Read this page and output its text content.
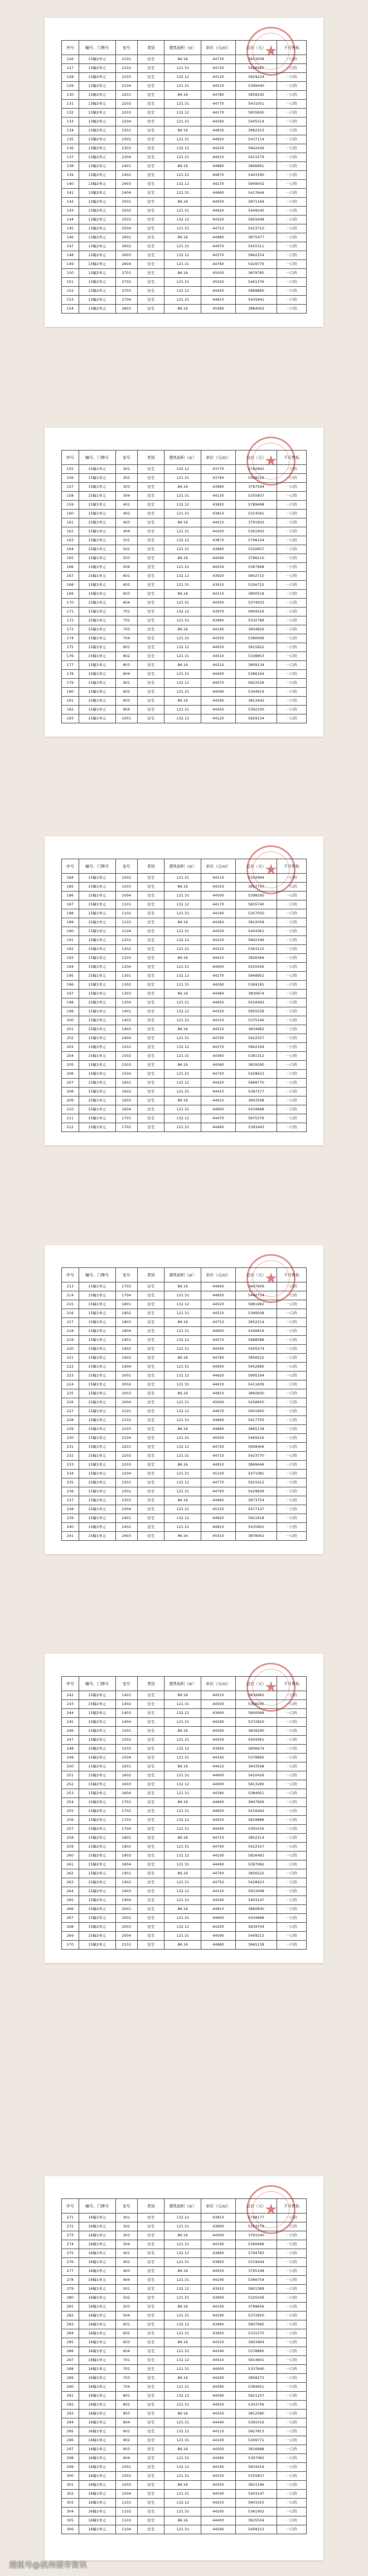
★
序号	幢号、门牌号	室号	类别	建筑面积（㎡）	单价（元/㎡）	总价（元）	不可售标
126	13幢2单元	2101	住宅	86.16	44730	3853938	一口价
127	13幢2单元	2102	住宅	121.31	44720	5426985	一口价
128	13幢2单元	2103	住宅	132.12	44120	5829224	一口价
129	13幢2单元	2104	住宅	121.31	44510	5399440	一口价
130	13幢2单元	2201	住宅	86.16	44780	3858245	一口价
131	13幢2单元	2202	住宅	121.31	44770	5431051	一口价
132	13幢2单元	2203	住宅	132.12	44170	5835830	一口价
133	13幢2单元	2204	住宅	121.31	44560	5405514	一口价
134	13幢2单元	2301	住宅	86.16	44830	3862553	一口价
135	13幢2单元	2302	住宅	121.31	44820	5437114	一口价
136	13幢2单元	2303	住宅	132.12	44220	5842436	一口价
137	13幢2单元	2304	住宅	121.31	44610	5411579	一口价
138	13幢2单元	2401	住宅	86.16	44880	3866861	一口价
139	13幢2单元	2402	住宅	121.31	44870	5443180	一口价
140	13幢2单元	2403	住宅	132.12	44270	5849042	一口价
141	13幢2单元	2404	住宅	121.31	44660	5417644	一口价
142	13幢2单元	2501	住宅	86.16	44930	3871169	一口价
143	13幢2单元	2502	住宅	121.31	44920	5449245	一口价
144	13幢2单元	2503	住宅	132.12	44320	5855648	一口价
145	13幢2单元	2504	住宅	121.31	44710	5423710	一口价
146	13幢2单元	2601	住宅	86.16	44980	3875477	一口价
147	13幢2单元	2602	住宅	121.31	44970	5455311	一口价
148	13幢2单元	2603	住宅	132.12	44370	5862254	一口价
149	13幢2单元	2604	住宅	121.31	44760	5429776	一口价
150	13幢2单元	2701	住宅	86.16	45030	3879785	一口价
151	13幢2单元	2702	住宅	121.31	45020	5461376	一口价
152	13幢2单元	2703	住宅	132.12	44420	5868860	一口价
153	13幢2单元	2704	住宅	121.31	44810	5435841	一口价
154	13幢2单元	2801	住宅	86.16	45080	3884093	一口价
★
序号	幢号、门牌号	室号	类别	建筑面积（㎡）	单价（元/㎡）	总价（元）	不可售标
155	15幢1单元	301	住宅	132.12	43770	5782892	一口价
156	15幢1单元	302	住宅	121.31	43760	5308526	一口价
157	15幢1单元	303	住宅	86.16	43960	3787594	一口价
158	15幢1单元	304	住宅	121.31	44150	5355837	一口价
159	15幢1单元	401	住宅	132.12	43820	5789498	一口价
160	15幢1单元	402	住宅	121.31	43810	5314591	一口价
161	15幢1单元	403	住宅	86.16	44010	3791902	一口价
162	15幢1单元	404	住宅	121.31	44200	5361902	一口价
163	15幢1单元	501	住宅	132.12	43870	5796104	一口价
164	15幢1单元	502	住宅	121.31	43860	5320657	一口价
165	15幢1单元	503	住宅	86.16	44060	3796210	一口价
166	15幢1单元	504	住宅	121.31	44250	5367968	一口价
167	15幢1单元	601	住宅	132.12	43920	5802710	一口价
168	15幢1单元	602	住宅	121.31	43910	5326722	一口价
169	15幢1单元	603	住宅	86.16	44110	3800518	一口价
170	15幢1单元	604	住宅	121.31	44300	5374033	一口价
171	15幢1单元	701	住宅	132.12	43970	5809316	一口价
172	15幢1单元	702	住宅	121.31	43960	5332788	一口价
173	15幢1单元	703	住宅	86.16	44160	3804826	一口价
174	15幢1单元	704	住宅	121.31	44350	5380099	一口价
175	15幢1单元	801	住宅	132.12	44020	5815922	一口价
176	15幢1单元	802	住宅	121.31	44010	5338853	一口价
177	15幢1单元	803	住宅	86.16	44210	3809134	一口价
178	15幢1单元	804	住宅	121.31	44400	5386164	一口价
179	15幢1单元	901	住宅	132.12	44070	5822528	一口价
180	15幢1单元	902	住宅	121.31	44060	5344919	一口价
181	15幢1单元	903	住宅	86.16	44260	3813442	一口价
182	15幢1单元	904	住宅	121.31	44450	5392230	一口价
183	15幢1单元	1001	住宅	132.12	44120	5829134	一口价
★
序号	幢号、门牌号	室号	类别	建筑面积（㎡）	单价（元/㎡）	总价（元）	不可售标
184	15幢1单元	1002	住宅	121.31	44110	5350984	一口价
185	15幢1单元	1003	住宅	86.16	44310	3817750	一口价
186	15幢1单元	1004	住宅	121.31	44500	5398295	一口价
187	15幢1单元	1101	住宅	132.12	44170	5835740	一口价
188	15幢1单元	1102	住宅	121.31	44160	5357050	一口价
189	15幢1单元	1103	住宅	86.16	44360	3822058	一口价
190	15幢1单元	1104	住宅	121.31	44550	5404361	一口价
191	15幢1单元	1201	住宅	132.12	44220	5842346	一口价
192	15幢1单元	1202	住宅	121.31	44210	5363115	一口价
193	15幢1单元	1203	住宅	86.16	44410	3826366	一口价
194	15幢1单元	1204	住宅	121.31	44600	5410426	一口价
195	15幢1单元	1301	住宅	132.12	44270	5848952	一口价
196	15幢1单元	1302	住宅	121.31	44260	5369181	一口价
197	15幢1单元	1303	住宅	86.16	44460	3830674	一口价
198	15幢1单元	1304	住宅	121.31	44650	5416492	一口价
199	15幢1单元	1401	住宅	132.12	44320	5855558	一口价
200	15幢1单元	1402	住宅	121.31	44310	5375246	一口价
201	15幢1单元	1403	住宅	86.16	44510	3834982	一口价
202	15幢1单元	1404	住宅	121.31	44700	5422557	一口价
203	15幢1单元	1501	住宅	132.12	44370	5862164	一口价
204	15幢1单元	1502	住宅	121.31	44360	5381312	一口价
205	15幢1单元	1503	住宅	86.16	44560	3839290	一口价
206	15幢1单元	1504	住宅	121.31	44750	5428623	一口价
207	15幢1单元	1601	住宅	132.12	44420	5868770	一口价
208	15幢1单元	1602	住宅	121.31	44410	5387377	一口价
209	15幢1单元	1603	住宅	86.16	44610	3843598	一口价
210	15幢1单元	1604	住宅	121.31	44800	5434688	一口价
211	15幢1单元	1701	住宅	132.12	44470	5875376	一口价
212	15幢1单元	1702	住宅	121.31	44460	5393443	一口价
★
序号	幢号、门牌号	室号	类别	建筑面积（㎡）	单价（元/㎡）	总价（元）	不可售标
213	15幢1单元	1703	住宅	86.16	44660	3847906	一口价
214	15幢1单元	1704	住宅	121.31	44850	5440754	一口价
215	15幢1单元	1801	住宅	132.12	44520	5881982	一口价
216	15幢1单元	1802	住宅	121.31	44510	5399508	一口价
217	15幢1单元	1803	住宅	86.16	44710	3852214	一口价
218	15幢1单元	1804	住宅	121.31	44900	5446819	一口价
219	15幢1单元	1901	住宅	132.12	44570	5888588	一口价
220	15幢1单元	1902	住宅	121.31	44560	5405574	一口价
221	15幢1单元	1903	住宅	86.16	44760	3856522	一口价
222	15幢1单元	1904	住宅	121.31	44950	5452885	一口价
223	15幢1单元	2001	住宅	132.12	44620	5895194	一口价
224	15幢1单元	2002	住宅	121.31	44610	5411639	一口价
225	15幢1单元	2003	住宅	86.16	44810	3860830	一口价
226	15幢1单元	2004	住宅	121.31	45000	5458950	一口价
227	15幢1单元	2101	住宅	132.12	44670	5901800	一口价
228	15幢1单元	2102	住宅	121.31	44660	5417705	一口价
229	15幢1单元	2103	住宅	86.16	44860	3865138	一口价
230	15幢1单元	2104	住宅	121.31	45050	5465016	一口价
231	15幢1单元	2201	住宅	132.12	44720	5908406	一口价
232	15幢1单元	2202	住宅	121.31	44710	5423770	一口价
233	15幢1单元	2203	住宅	86.16	44910	3869446	一口价
234	15幢1单元	2204	住宅	121.31	45100	5471081	一口价
235	15幢1单元	2301	住宅	132.12	44770	5915012	一口价
236	15幢1单元	2302	住宅	121.31	44760	5429836	一口价
237	15幢1单元	2303	住宅	86.16	44960	3873754	一口价
238	15幢1单元	2304	住宅	121.31	45150	5477147	一口价
239	15幢1单元	2401	住宅	132.12	44820	5921618	一口价
240	15幢1单元	2402	住宅	121.31	44810	5435901	一口价
241	15幢1单元	2403	住宅	86.16	45010	3878062	一口价
★
序号	幢号、门牌号	室号	类别	建筑面积（㎡）	单价（元/㎡）	总价（元）	不可售标
242	15幢2单元	1401	住宅	86.16	44510	3834982	一口价
243	15幢2单元	1402	住宅	121.31	44500	5398295	一口价
244	15幢2单元	1403	住宅	132.12	43900	5800068	一口价
245	15幢2单元	1404	住宅	121.31	44290	5372820	一口价
246	15幢2单元	1501	住宅	86.16	44560	3839290	一口价
247	15幢2单元	1502	住宅	121.31	44550	5404361	一口价
248	15幢2单元	1503	住宅	132.12	43950	5806674	一口价
249	15幢2单元	1504	住宅	121.31	44340	5378885	一口价
250	15幢2单元	1601	住宅	86.16	44610	3843598	一口价
251	15幢2单元	1602	住宅	121.31	44600	5410426	一口价
252	15幢2单元	1603	住宅	132.12	44000	5813280	一口价
253	15幢2单元	1604	住宅	121.31	44390	5384951	一口价
254	15幢2单元	1701	住宅	86.16	44660	3847906	一口价
255	15幢2单元	1702	住宅	121.31	44650	5416492	一口价
256	15幢2单元	1703	住宅	132.12	44050	5819886	一口价
257	15幢2单元	1704	住宅	121.31	44440	5391016	一口价
258	15幢2单元	1801	住宅	86.16	44710	3852214	一口价
259	15幢2单元	1802	住宅	121.31	44700	5422557	一口价
260	15幢2单元	1803	住宅	132.12	44100	5826492	一口价
261	15幢2单元	1804	住宅	121.31	44490	5397082	一口价
262	15幢2单元	1901	住宅	86.16	44760	3856522	一口价
263	15幢2单元	1902	住宅	121.31	44750	5428623	一口价
264	15幢2单元	1903	住宅	132.12	44150	5833098	一口价
265	15幢2单元	1904	住宅	121.31	44540	5403147	一口价
266	15幢2单元	2001	住宅	86.16	44810	3860830	一口价
267	15幢2单元	2002	住宅	121.31	44800	5434688	一口价
268	15幢2单元	2003	住宅	132.12	44200	5839704	一口价
269	15幢2单元	2004	住宅	121.31	44590	5409213	一口价
270	15幢2单元	2101	住宅	86.16	44860	3865138	一口价
★
序号	幢号、门牌号	室号	类别	建筑面积（㎡）	单价（元/㎡）	总价（元）	不可售标
271	16幢1单元	301	住宅	132.12	43810	5788177	一口价
272	16幢1单元	302	住宅	121.31	43800	5313378	一口价
273	16幢1单元	303	住宅	86.16	44000	3791040	一口价
274	16幢1单元	304	住宅	121.31	44190	5360689	一口价
275	16幢1单元	401	住宅	132.12	43860	5794783	一口价
276	16幢1单元	402	住宅	121.31	43850	5319444	一口价
277	16幢1单元	403	住宅	86.16	44050	3795348	一口价
278	16幢1单元	404	住宅	121.31	44240	5366754	一口价
279	16幢1单元	501	住宅	132.12	43910	5801389	一口价
280	16幢1单元	502	住宅	121.31	43900	5325509	一口价
281	16幢1单元	503	住宅	86.16	44100	3799656	一口价
282	16幢1单元	504	住宅	121.31	44290	5372820	一口价
283	16幢1单元	601	住宅	132.12	43960	5807995	一口价
284	16幢1单元	602	住宅	121.31	43950	5331575	一口价
285	16幢1单元	603	住宅	86.16	44150	3803964	一口价
286	16幢1单元	604	住宅	121.31	44340	5378885	一口价
287	16幢1单元	701	住宅	132.12	44010	5814601	一口价
288	16幢1单元	702	住宅	121.31	44000	5337640	一口价
289	16幢1单元	703	住宅	86.16	44200	3808272	一口价
290	16幢1单元	704	住宅	121.31	44390	5384951	一口价
291	16幢1单元	801	住宅	132.12	44060	5821207	一口价
292	16幢1单元	802	住宅	121.31	44050	5343706	一口价
293	16幢1单元	803	住宅	86.16	44250	3812580	一口价
294	16幢1单元	804	住宅	121.31	44440	5391016	一口价
295	16幢1单元	901	住宅	132.12	44110	5827813	一口价
296	16幢1单元	902	住宅	121.31	44100	5349771	一口价
297	16幢1单元	903	住宅	86.16	44300	3816888	一口价
298	16幢1单元	904	住宅	121.31	44490	5397082	一口价
299	16幢1单元	1001	住宅	132.12	44160	5834419	一口价
300	16幢1单元	1002	住宅	121.31	44150	5355837	一口价
301	16幢1单元	1003	住宅	86.16	44350	3821196	一口价
302	16幢1单元	1004	住宅	121.31	44540	5403147	一口价
303	16幢1单元	1101	住宅	132.12	44210	5841025	一口价
304	16幢1单元	1102	住宅	121.31	44200	5361902	一口价
305	16幢1单元	1103	住宅	86.16	44400	3825504	一口价
306	16幢1单元	1104	住宅	121.31	44590	5409213	一口价
搜狐号@杭州楼市资讯
